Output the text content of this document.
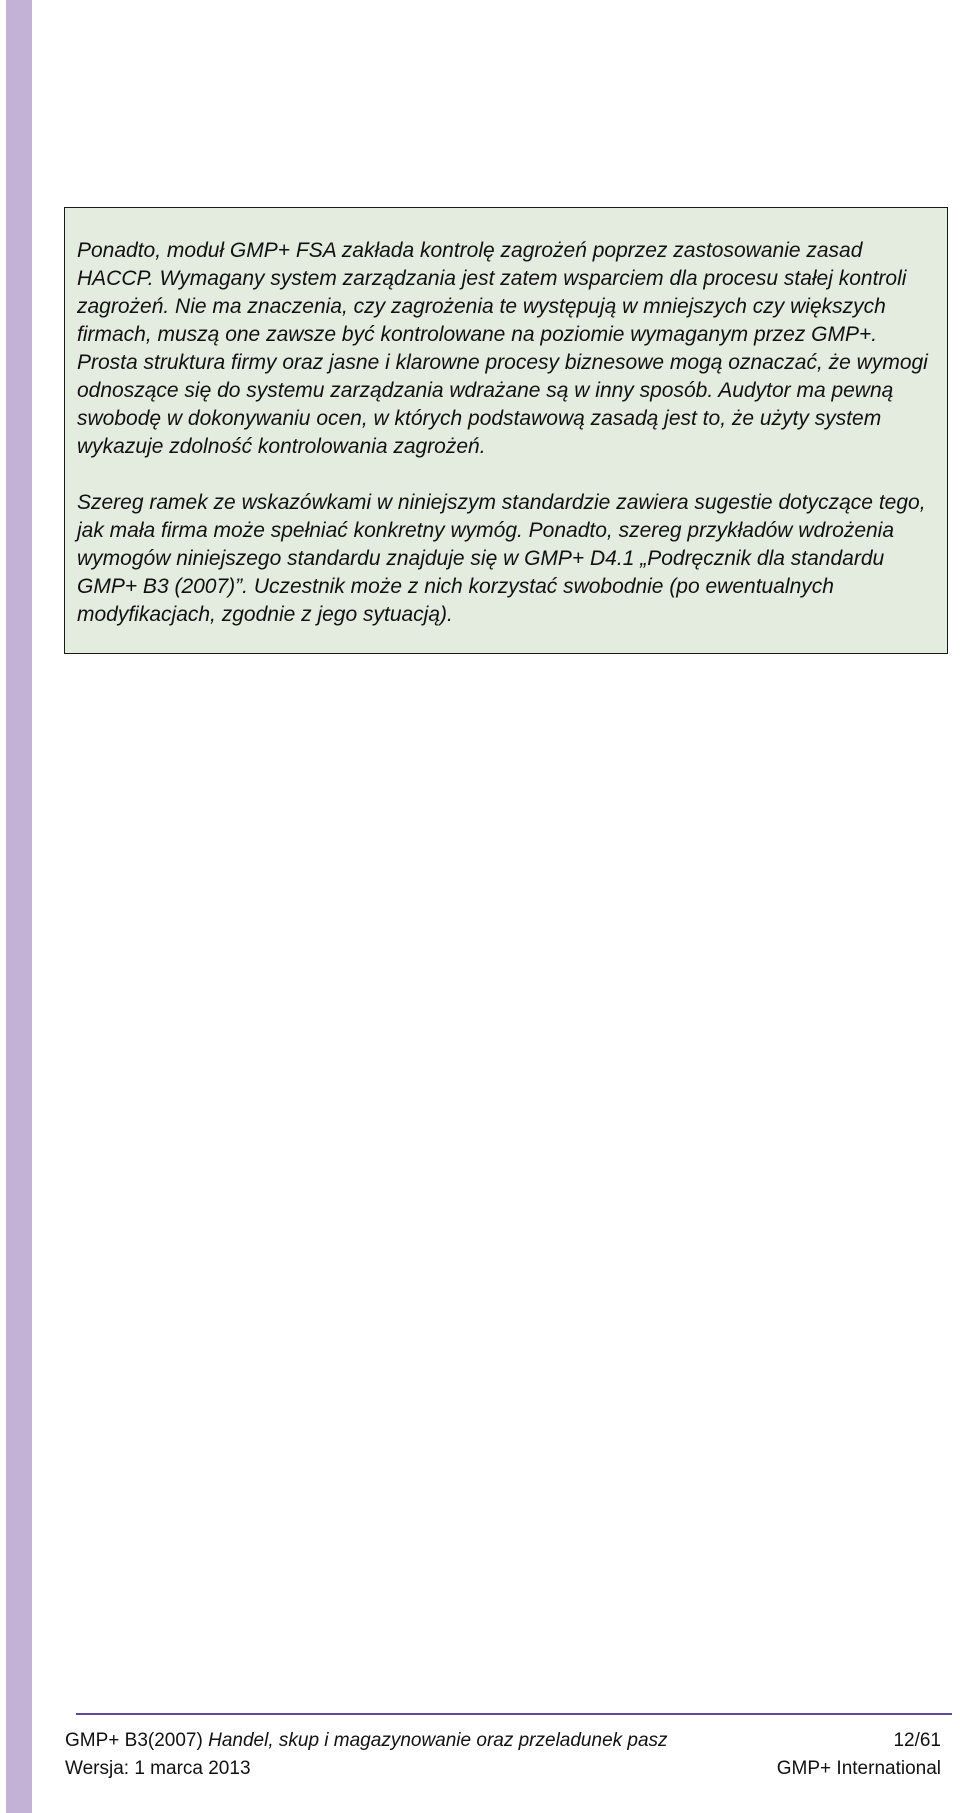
Ponadto, moduł GMP+ FSA zakłada kontrolę zagrożeń poprzez zastosowanie zasad HACCP. Wymagany system zarządzania jest zatem wsparciem dla procesu stałej kontroli zagrożeń. Nie ma znaczenia, czy zagrożenia te występują w mniejszych czy większych firmach, muszą one zawsze być kontrolowane na poziomie wymaganym przez GMP+. Prosta struktura firmy oraz jasne i klarowne procesy biznesowe mogą oznaczać, że wymogi odnoszące się do systemu zarządzania wdrażane są w inny sposób. Audytor ma pewną swobodę w dokonywaniu ocen, w których podstawową zasadą jest to, że użyty system wykazuje zdolność kontrolowania zagrożeń.

Szereg ramek ze wskazówkami w niniejszym standardzie zawiera sugestie dotyczące tego, jak mała firma może spełniać konkretny wymóg. Ponadto, szereg przykładów wdrożenia wymogów niniejszego standardu znajduje się w GMP+ D4.1 „Podręcznik dla standardu GMP+ B3 (2007)”. Uczestnik może z nich korzystać swobodnie (po ewentualnych modyfikacjach, zgodnie z jego sytuacją).

GMP+ B3(2007) Handel, skup i magazynowanie oraz przeladunek pasz	12/61
Wersja: 1 marca 2013	GMP+ International
